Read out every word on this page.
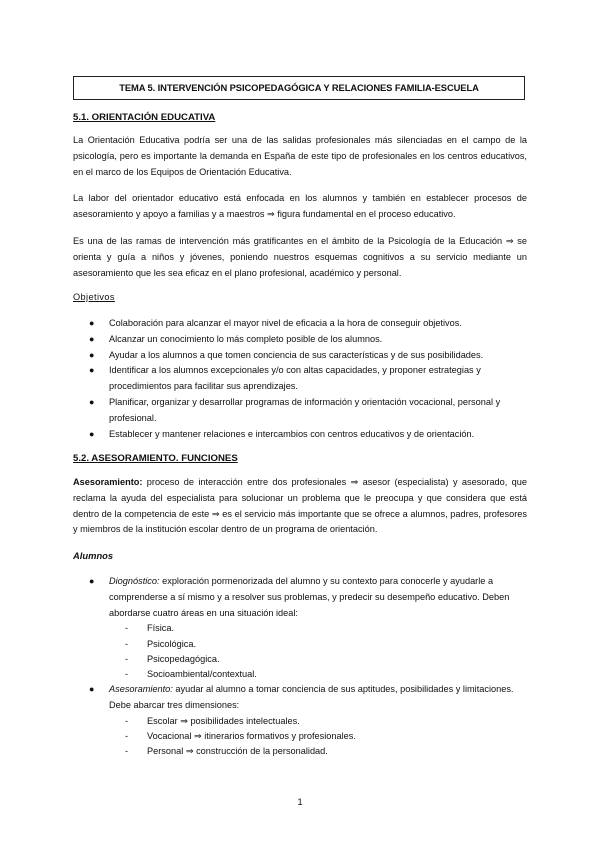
TEMA 5. INTERVENCIÓN PSICOPEDAGÓGICA Y RELACIONES FAMILIA-ESCUELA
5.1. ORIENTACIÓN EDUCATIVA
La Orientación Educativa podría ser una de las salidas profesionales más silenciadas en el campo de la psicología, pero es importante la demanda en España de este tipo de profesionales en los centros educativos, en el marco de los Equipos de Orientación Educativa.
La labor del orientador educativo está enfocada en los alumnos y también en establecer procesos de asesoramiento y apoyo a familias y a maestros ⇒ figura fundamental en el proceso educativo.
Es una de las ramas de intervención más gratificantes en el ámbito de la Psicología de la Educación ⇒ se orienta y guía a niños y jóvenes, poniendo nuestros esquemas cognitivos a su servicio mediante un asesoramiento que les sea eficaz en el plano profesional, académico y personal.
Objetivos
● Colaboración para alcanzar el mayor nivel de eficacia a la hora de conseguir objetivos.
● Alcanzar un conocimiento lo más completo posible de los alumnos.
● Ayudar a los alumnos a que tomen conciencia de sus características y de sus posibilidades.
● Identificar a los alumnos excepcionales y/o con altas capacidades, y proponer estrategias y procedimientos para facilitar sus aprendizajes.
● Planificar, organizar y desarrollar programas de información y orientación vocacional, personal y profesional.
● Establecer y mantener relaciones e intercambios con centros educativos y de orientación.
5.2. ASESORAMIENTO. FUNCIONES
Asesoramiento: proceso de interacción entre dos profesionales ⇒ asesor (especialista) y asesorado, que reclama la ayuda del especialista para solucionar un problema que le preocupa y que considera que está dentro de la competencia de este ⇒ es el servicio más importante que se ofrece a alumnos, padres, profesores y miembros de la institución escolar dentro de un programa de orientación.
Alumnos
● Diognóstico: exploración pormenorizada del alumno y su contexto para conocerle y ayudarle a comprenderse a sí mismo y a resolver sus problemas, y predecir su desempeño educativo. Deben abordarse cuatro áreas en una situación ideal:
- Física.
- Psicológica.
- Psicopedagógica.
- Socioambiental/contextual.
● Asesoramiento: ayudar al alumno a tomar conciencia de sus aptitudes, posibilidades y limitaciones. Debe abarcar tres dimensiones:
- Escolar ⇒ posibilidades intelectuales.
- Vocacional ⇒ itinerarios formativos y profesionales.
- Personal ⇒ construcción de la personalidad.
1
